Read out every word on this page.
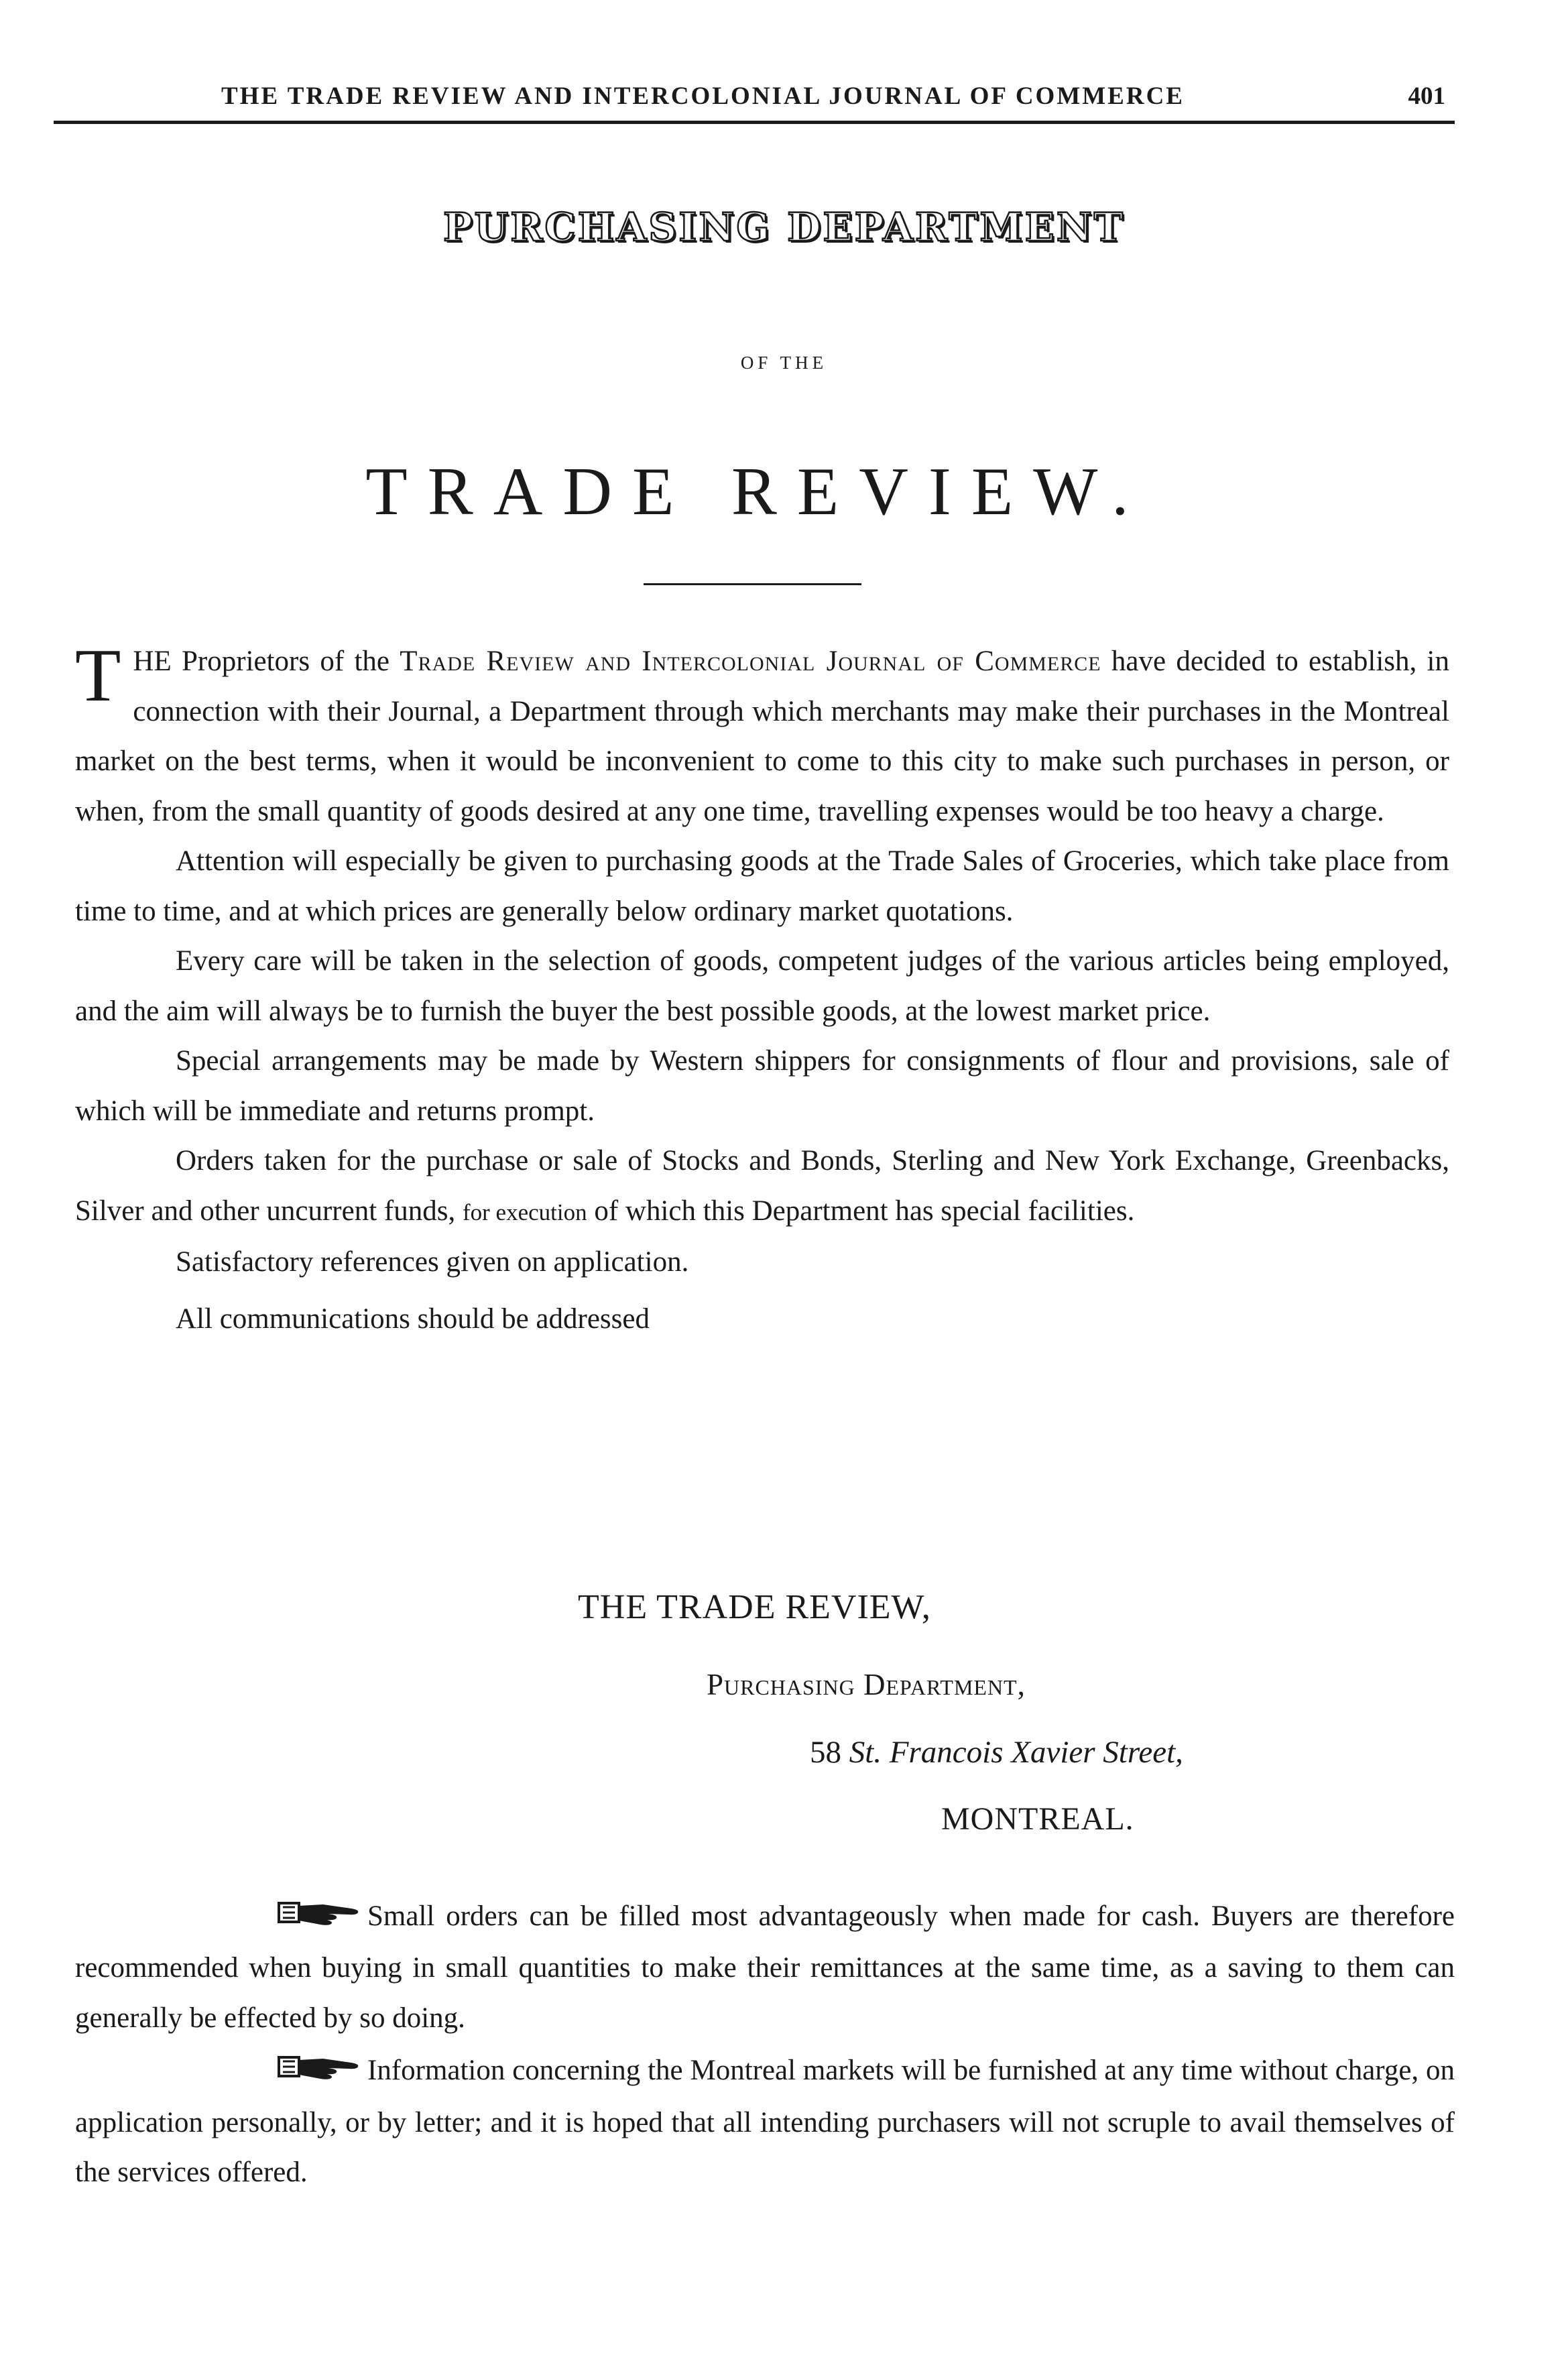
THE TRADE REVIEW AND INTERCOLONIAL JOURNAL OF COMMERCE	401
PURCHASING DEPARTMENT
OF THE
TRADE REVIEW.

THE Proprietors of the Trade Review and Intercolonial Journal of Commerce have decided to establish, in connection with their Journal, a Department through which merchants may make their purchases in the Montreal market on the best terms, when it would be inconvenient to come to this city to make such purchases in person, or when, from the small quantity of goods desired at any one time, travelling expenses would be too heavy a charge.

Attention will especially be given to purchasing goods at the Trade Sales of Groceries, which take place from time to time, and at which prices are generally below ordinary market quotations.

Every care will be taken in the selection of goods, competent judges of the various articles being employed, and the aim will always be to furnish the buyer the best possible goods, at the lowest market price.

Special arrangements may be made by Western shippers for consignments of flour and provisions, sale of which will be immediate and returns prompt.

Orders taken for the purchase or sale of Stocks and Bonds, Sterling and New York Exchange, Greenbacks, Silver and other uncurrent funds, for execution of which this Department has special facilities.

Satisfactory references given on application.

All communications should be addressed

THE TRADE REVIEW,
Purchasing Department,
58 St. Francois Xavier Street,
MONTREAL.

Small orders can be filled most advantageously when made for cash. Buyers are therefore recommended when buying in small quantities to make their remittances at the same time, as a saving to them can generally be effected by so doing.

Information concerning the Montreal markets will be furnished at any time without charge, on application personally, or by letter; and it is hoped that all intending purchasers will not scruple to avail themselves of the services offered.
